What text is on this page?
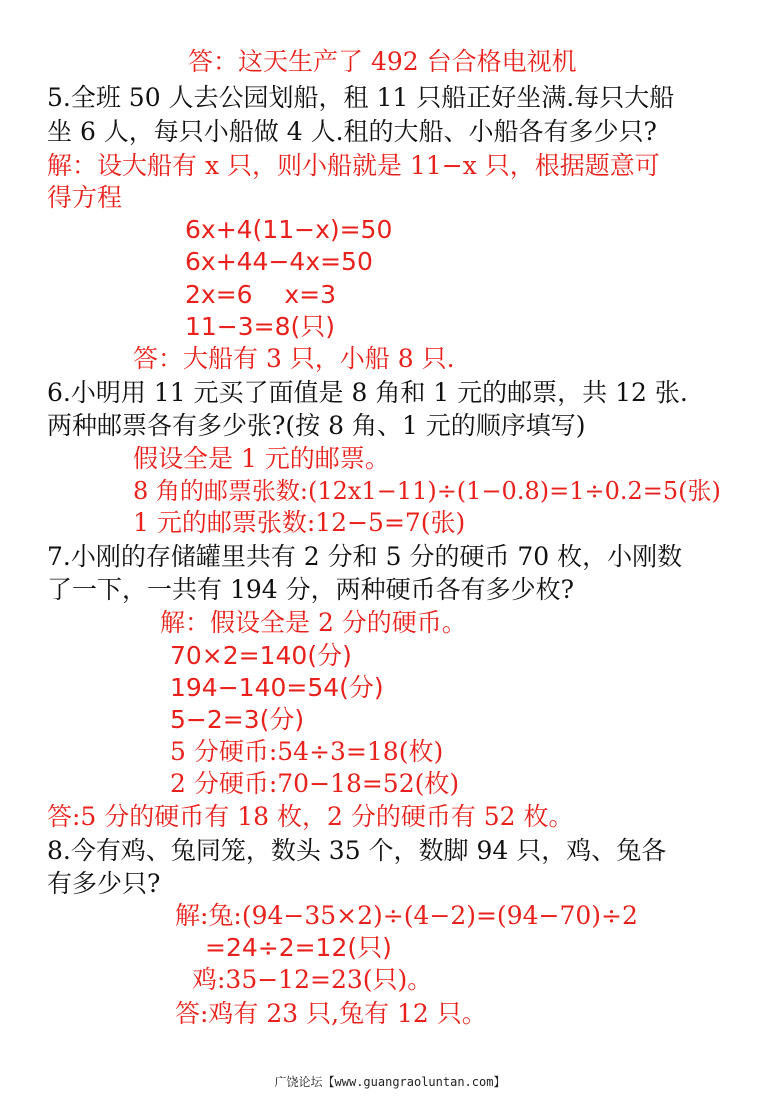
答：这天生产了 492 台合格电视机
5.全班 50 人去公园划船，租 11 只船正好坐满.每只大船
坐 6 人，每只小船做 4 人.租的大船、小船各有多少只?
解：设大船有 x 只，则小船就是 11−x 只，根据题意可
得方程
6x+4(11−x)=50
6x+44−4x=50
2x=6    x=3
11−3=8(只)
答：大船有 3 只，小船 8 只.
6.小明用 11 元买了面值是 8 角和 1 元的邮票，共 12 张.
两种邮票各有多少张?(按 8 角、1 元的顺序填写)
假设全是 1 元的邮票。
8 角的邮票张数:(12x1−11)÷(1−0.8)=1÷0.2=5(张)
1 元的邮票张数:12−5=7(张)
7.小刚的存储罐里共有 2 分和 5 分的硬币 70 枚，小刚数
了一下，一共有 194 分，两种硬币各有多少枚?
解：假设全是 2 分的硬币。
70×2=140(分)
194−140=54(分)
5−2=3(分)
5 分硬币:54÷3=18(枚)
2 分硬币:70−18=52(枚)
答:5 分的硬币有 18 枚，2 分的硬币有 52 枚。
8.今有鸡、兔同笼，数头 35 个，数脚 94 只，鸡、兔各
有多少只?
解:兔:(94−35×2)÷(4−2)=(94−70)÷2
=24÷2=12(只)
鸡:35−12=23(只)。
答:鸡有 23 只,兔有 12 只。
广饶论坛【www.guangraoluntan.com】
